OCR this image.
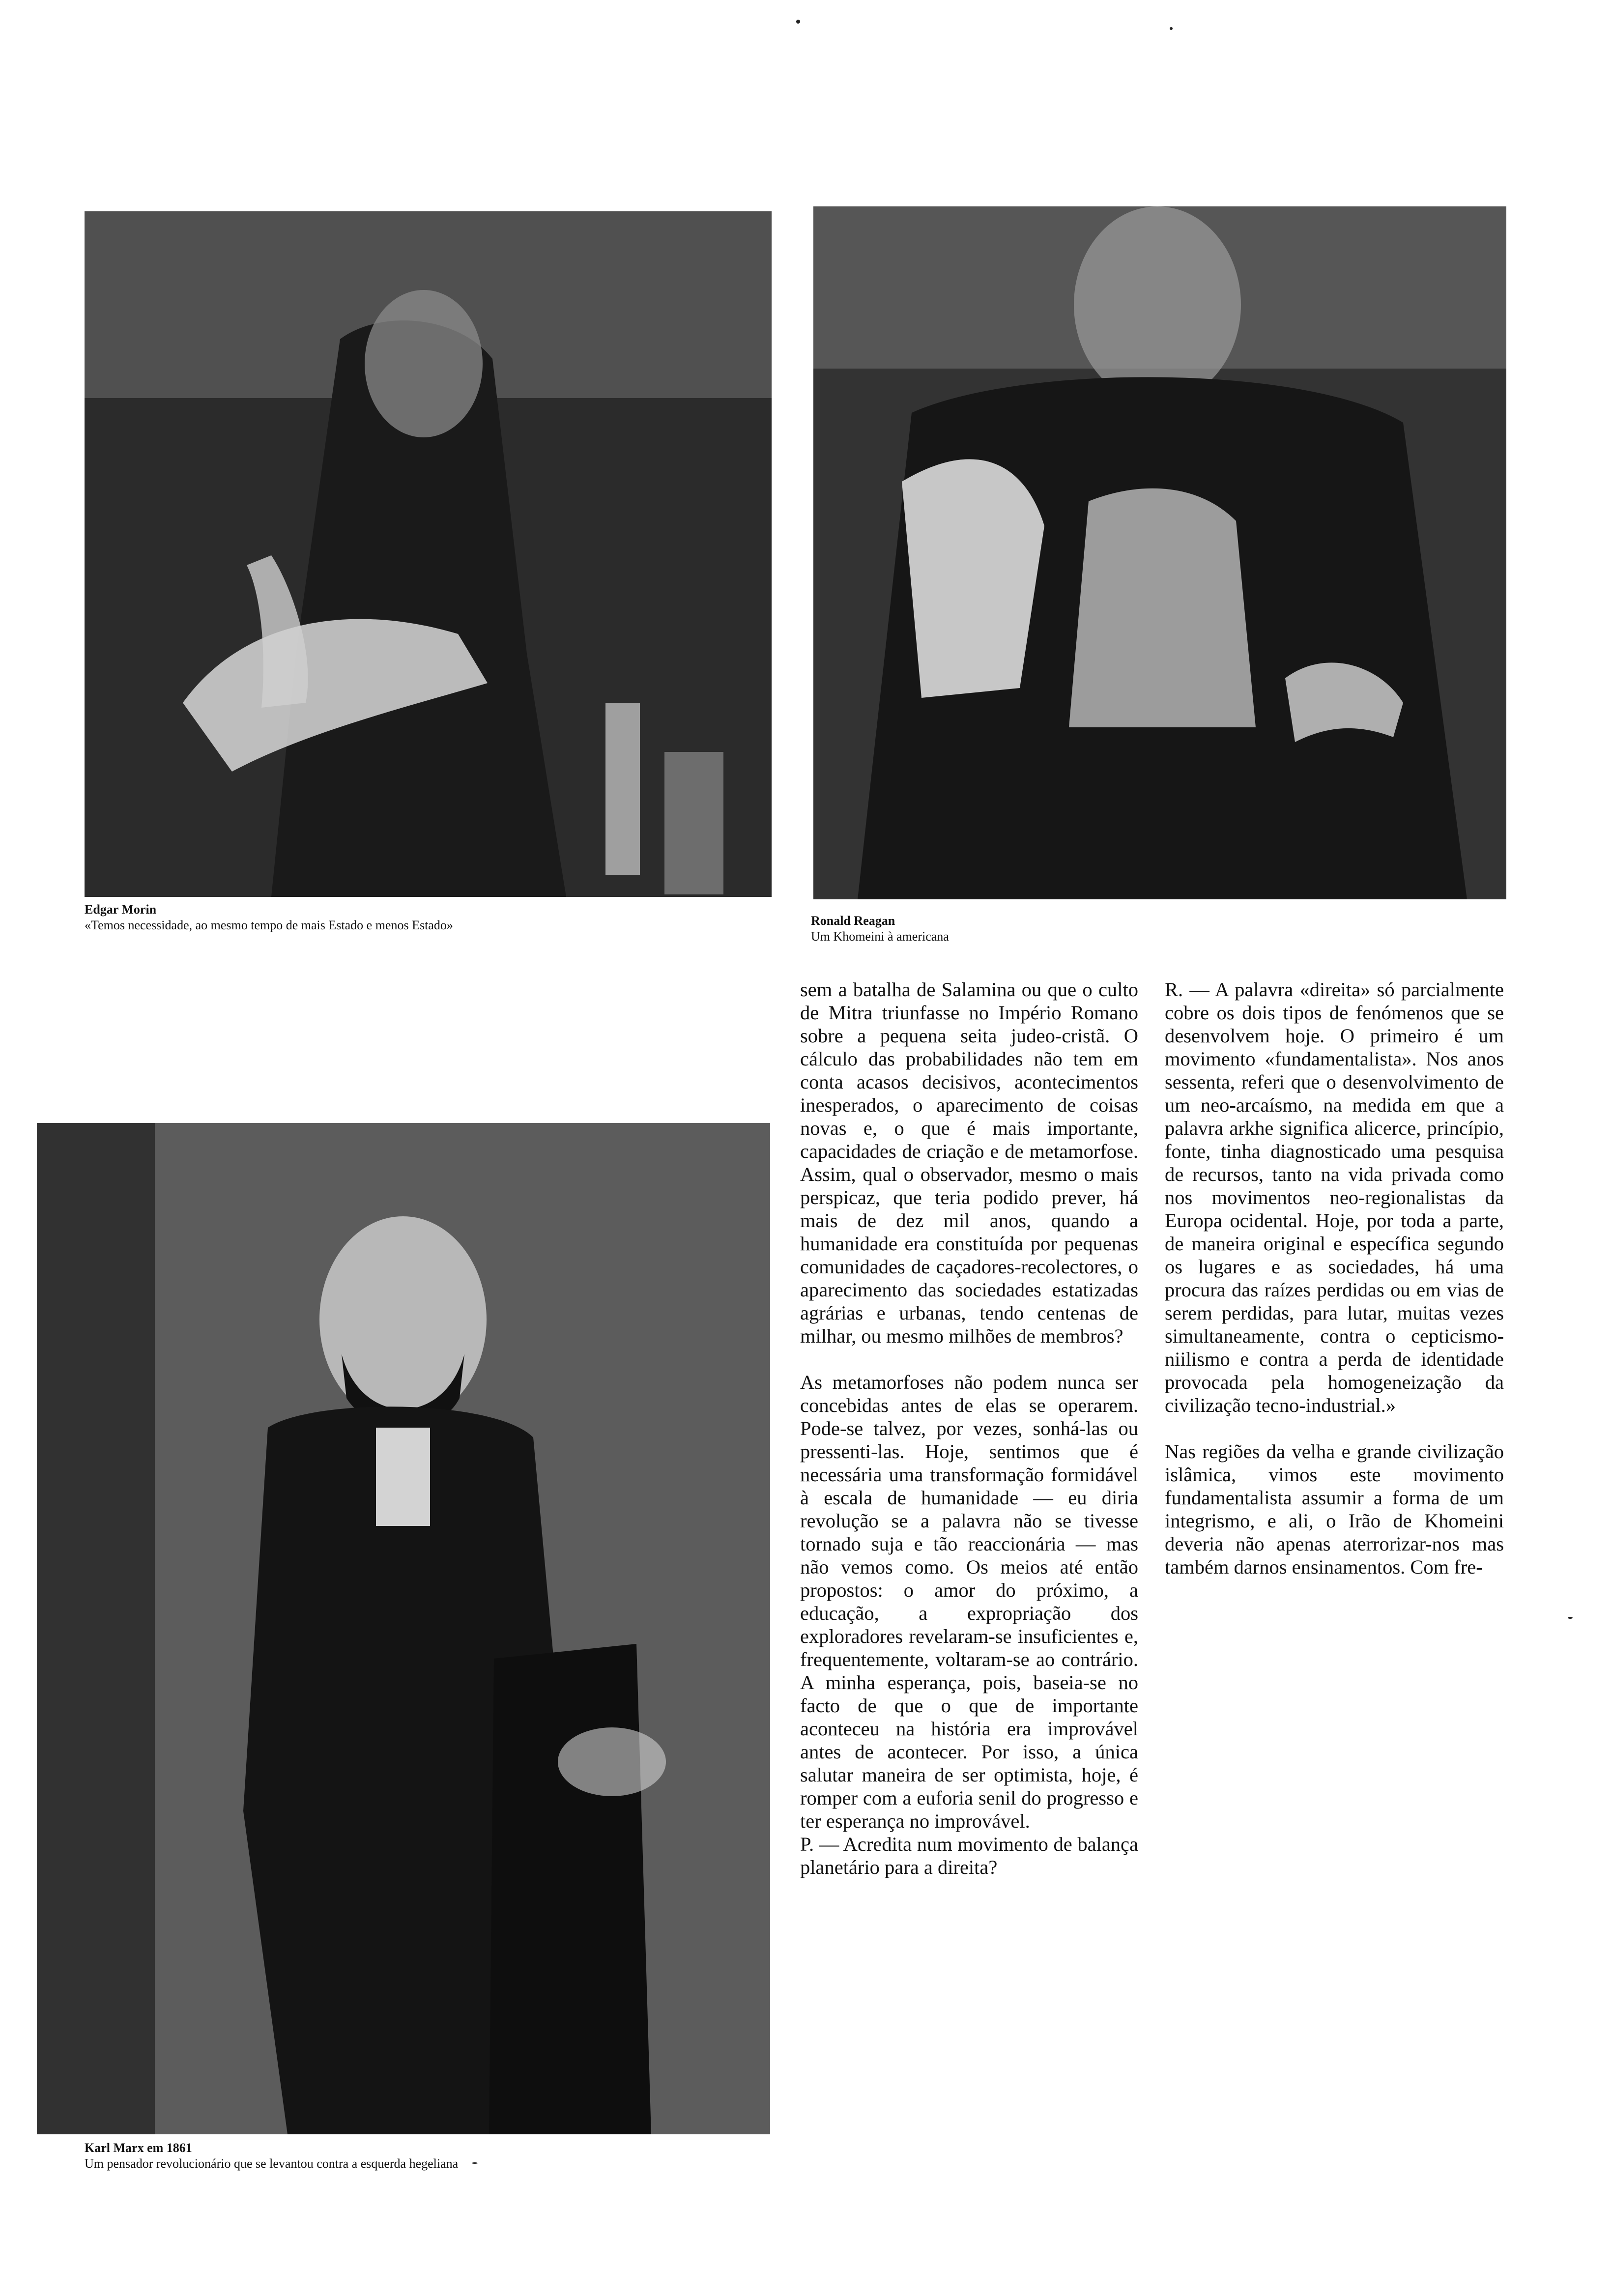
Edgar Morin
«Temos necessidade, ao mesmo tempo de mais Estado e menos Estado»	Ronald Reagan
Um Khomeini à americana
Karl Marx em 1861
Um pensador revolucionário que se levantou contra a esquerda hegeliana

sem a batalha de Salamina ou que o culto de Mitra triunfasse no Império Romano sobre a pequena seita judeo-cristã. O cálculo das probabilidades não tem em conta acasos decisivos, acontecimentos inesperados, o aparecimento de coisas novas e, o que é mais importante, capacidades de criação e de metamorfose. Assim, qual o observador, mesmo o mais perspicaz, que teria podido prever, há mais de dez mil anos, quando a humanidade era constituída por pequenas comunidades de caçadores-recolectores, o aparecimento das sociedades estatizadas agrárias e urbanas, tendo centenas de milhar, ou mesmo milhões de membros?

As metamorfoses não podem nunca ser concebidas antes de elas se operarem. Pode-se talvez, por vezes, sonhá-las ou pressenti-las. Hoje, sentimos que é necessária uma transformação formidável à escala de humanidade — eu diria revolução se a palavra não se tivesse tornado suja e tão reaccionária — mas não vemos como. Os meios até então propostos: o amor do próximo, a educação, a expropriação dos exploradores revelaram-se insuficientes e, frequentemente, voltaram-se ao contrário. A minha esperança, pois, baseia-se no facto de que o que de importante aconteceu na história era improvável antes de acontecer. Por isso, a única salutar maneira de ser optimista, hoje, é romper com a euforia senil do progresso e ter esperança no improvável.

P. — Acredita num movimento de balança planetário para a direita?

R. — A palavra «direita» só parcialmente cobre os dois tipos de fenómenos que se desenvolvem hoje. O primeiro é um movimento «fundamentalista». Nos anos sessenta, referi que o desenvolvimento de um neo-arcaísmo, na medida em que a palavra arkhe significa alicerce, princípio, fonte, tinha diagnosticado uma pesquisa de recursos, tanto na vida privada como nos movimentos neo-regionalistas da Europa ocidental. Hoje, por toda a parte, de maneira original e específica segundo os lugares e as sociedades, há uma procura das raízes perdidas ou em vias de serem perdidas, para lutar, muitas vezes simultaneamente, contra o cepticismo-niilismo e contra a perda de identidade provocada pela homogeneização da civilização tecno-industrial.»

Nas regiões da velha e grande civilização islâmica, vimos este movimento fundamentalista assumir a forma de um integrismo, e ali, o Irão de Khomeini deveria não apenas aterrorizar-nos mas também darnos ensinamentos. Com fre-
